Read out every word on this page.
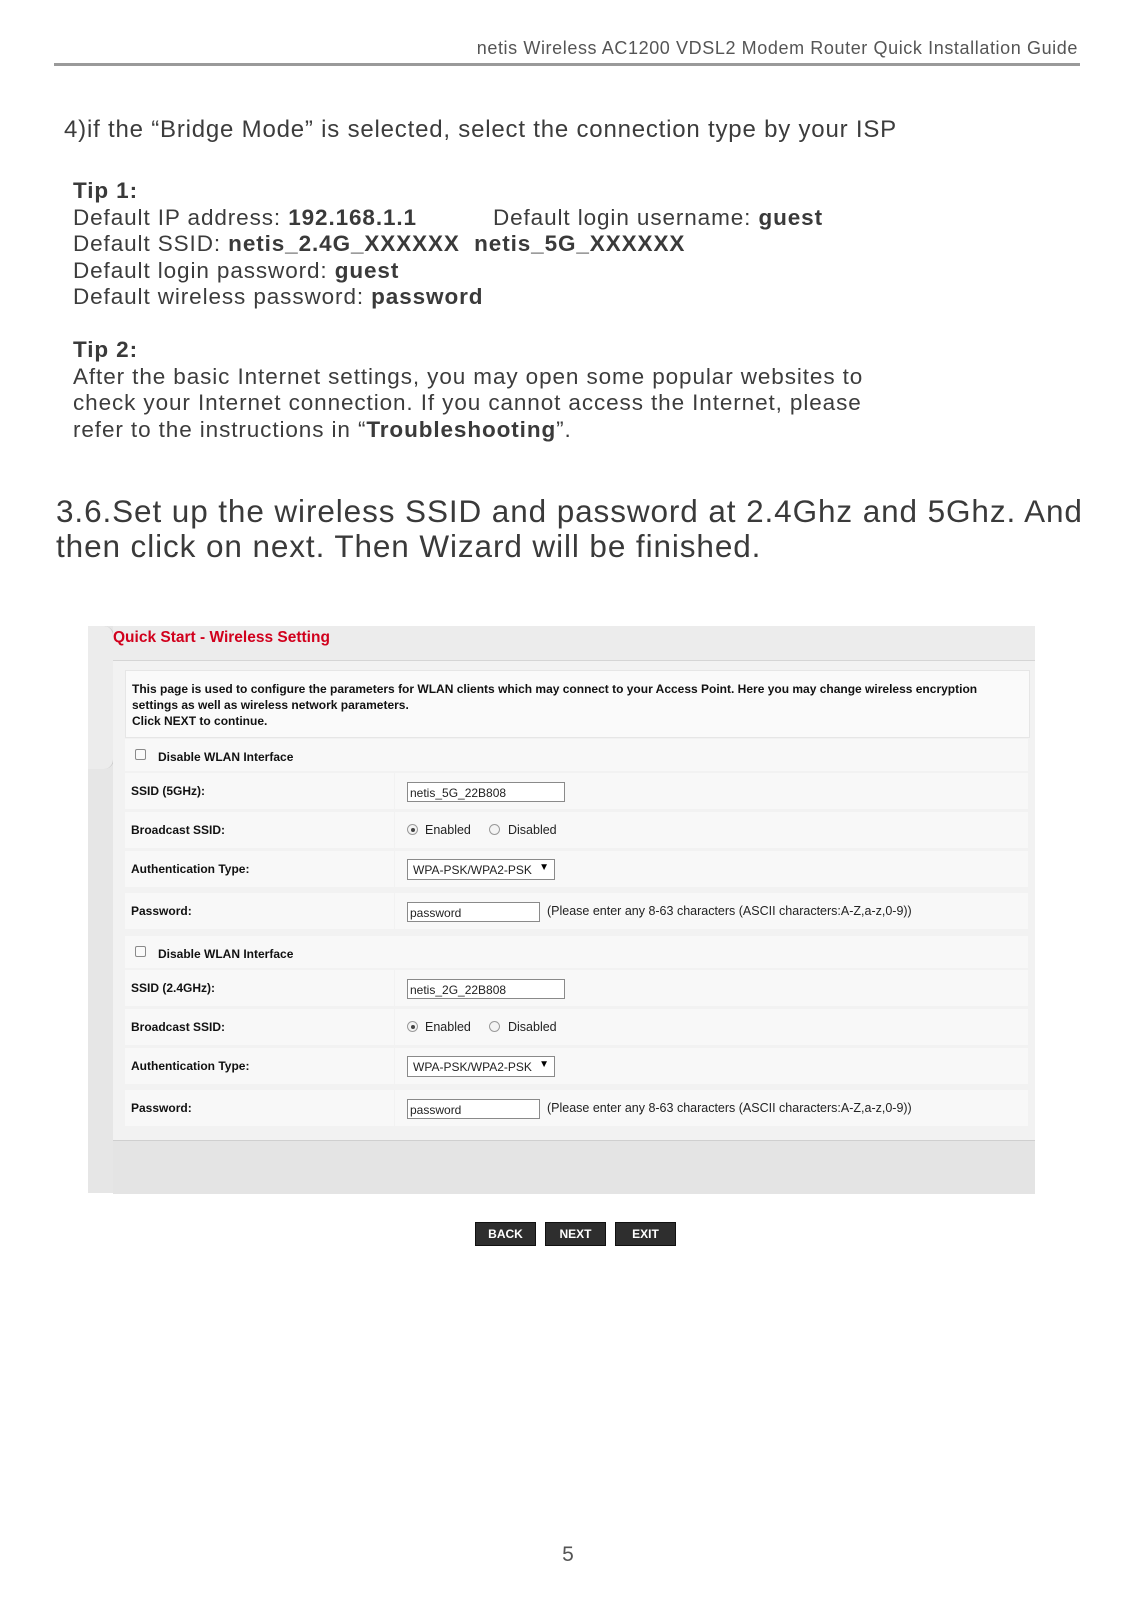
netis Wireless AC1200 VDSL2 Modem Router Quick Installation Guide
4)if the “Bridge Mode” is selected, select the connection type by your ISP
Tip 1:
Default IP address: 192.168.1.1	Default login username: guest
Default SSID: netis_2.4G_XXXXXX netis_5G_XXXXXX
Default login password: guest
Default wireless password: password
Tip 2:
After the basic Internet settings, you may open some popular websites to
check your Internet connection. If you cannot access the Internet, please
refer to the instructions in “Troubleshooting”.
3.6.Set up the wireless SSID and password at 2.4Ghz and 5Ghz. And
then click on next. Then Wizard will be finished.
Quick Start - Wireless Setting

This page is used to configure the parameters for WLAN clients which may connect to your Access Point. Here you may change wireless encryption

settings as well as wireless network parameters.

Click NEXT to continue.

Disable WLAN Interface
SSID (5GHz):	netis_5G_22B808
Broadcast SSID:	Enabled	Disabled
Authentication Type:	WPA-PSK/WPA2-PSK ▼
Password:	password	(Please enter any 8-63 characters (ASCII characters:A-Z,a-z,0-9))
Disable WLAN Interface
SSID (2.4GHz):	netis_2G_22B808
Broadcast SSID:	Enabled	Disabled
Authentication Type:	WPA-PSK/WPA2-PSK ▼
Password:	password	(Please enter any 8-63 characters (ASCII characters:A-Z,a-z,0-9))
BACK	NEXT	EXIT
5
